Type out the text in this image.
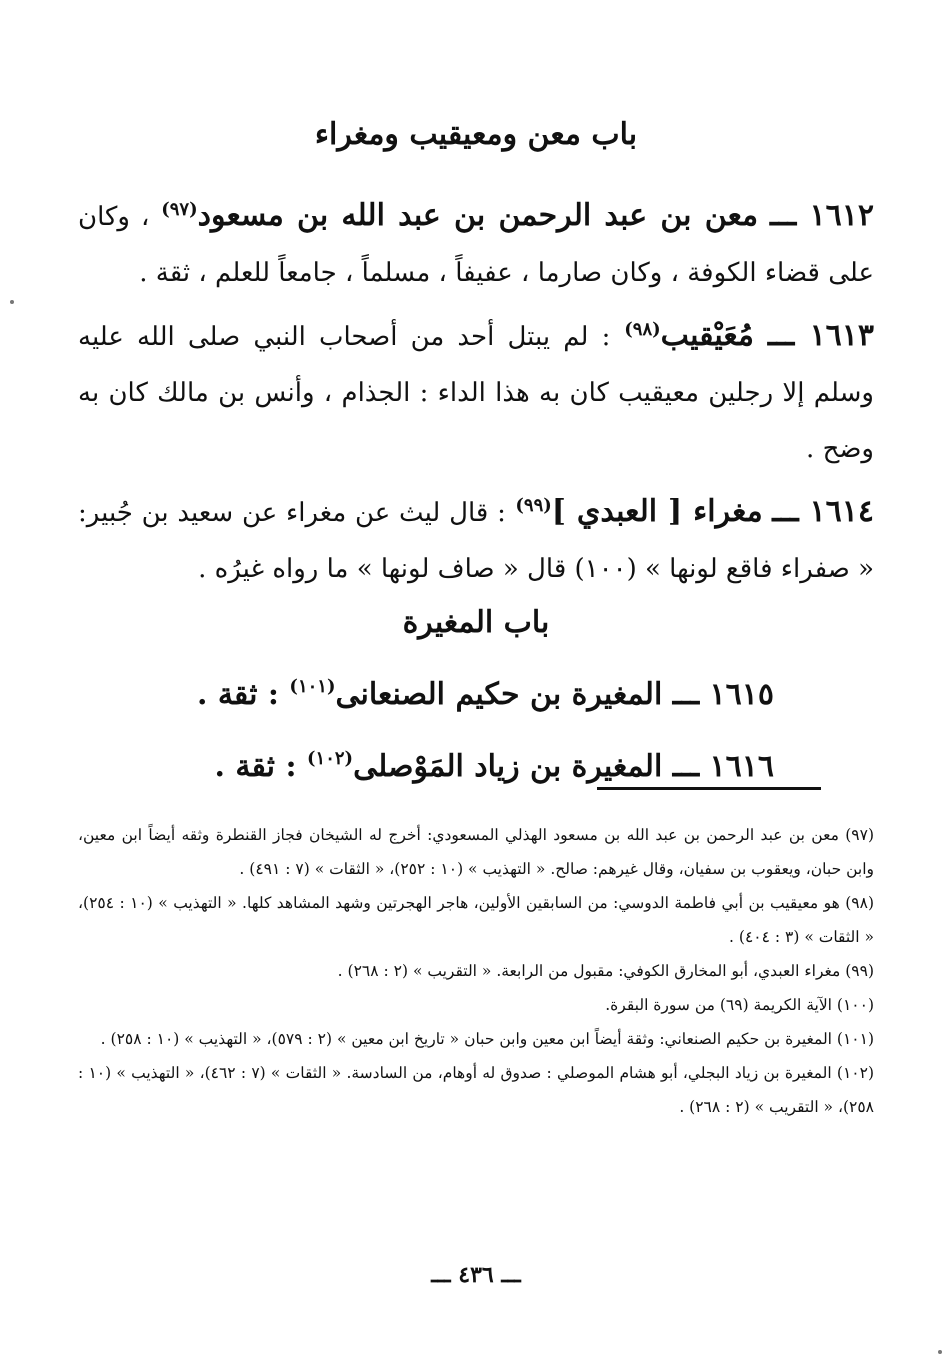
باب معن ومعيقيب ومغراء
١٦١٢ ـــ معن بن عبد الرحمن بن عبد الله بن مسعود$^{(٩٧)}$ ، وكان على قضاء الكوفة ، وكان صارما ، عفيفاً ، مسلماً ، جامعاً للعلم ، ثقة .
١٦١٣ ـــ مُعَيْقيب$^{(٩٨)}$ : لم يبتل أحد من أصحاب النبي صلى الله عليه وسلم إلا رجلين معيقيب كان به هذا الداء : الجذام ، وأنس بن مالك كان به وضح .
١٦١٤ ـــ مغراء [ العبدي ]$^{(٩٩)}$ : قال ليث عن مغراء عن سعيد بن جُبير: « صفراء فاقع لونها » (١٠٠) قال « صاف لونها » ما رواه غيرُه .
باب المغيرة
١٦١٥ ـــ المغيرة بن حكيم الصنعانى$^{(١٠١)}$ : ثقة .
١٦١٦ ـــ المغيرة بن زياد المَوْصلى$^{(١٠٢)}$ : ثقة .

(٩٧) معن بن عبد الرحمن بن عبد الله بن مسعود الهذلي المسعودي: أخرج له الشيخان فجاز القنطرة وثقه أيضاً ابن معين، وابن حبان، ويعقوب بن سفيان، وقال غيرهم: صالح. « التهذيب » (١٠ : ٢٥٢)، « الثقات » (٧ : ٤٩١) .

(٩٨) هو معيقيب بن أبي فاطمة الدوسي: من السابقين الأولين، هاجر الهجرتين وشهد المشاهد كلها. « التهذيب » (١٠ : ٢٥٤)، « الثقات » (٣ : ٤٠٤) .

(٩٩) مغراء العبدي، أبو المخارق الكوفي: مقبول من الرابعة. « التقريب » (٢ : ٢٦٨) .

(١٠٠) الآية الكريمة (٦٩) من سورة البقرة.

(١٠١) المغيرة بن حكيم الصنعاني: وثقة أيضاً ابن معين وابن حبان « تاريخ ابن معين » (٢ : ٥٧٩)، « التهذيب » (١٠ : ٢٥٨) .

(١٠٢) المغيرة بن زياد البجلي، أبو هشام الموصلي : صدوق له أوهام، من السادسة. « الثقات » (٧ : ٤٦٢)، « التهذيب » (١٠ : ٢٥٨)، « التقريب » (٢ : ٢٦٨) .

ـــ ٤٣٦ ـــ
